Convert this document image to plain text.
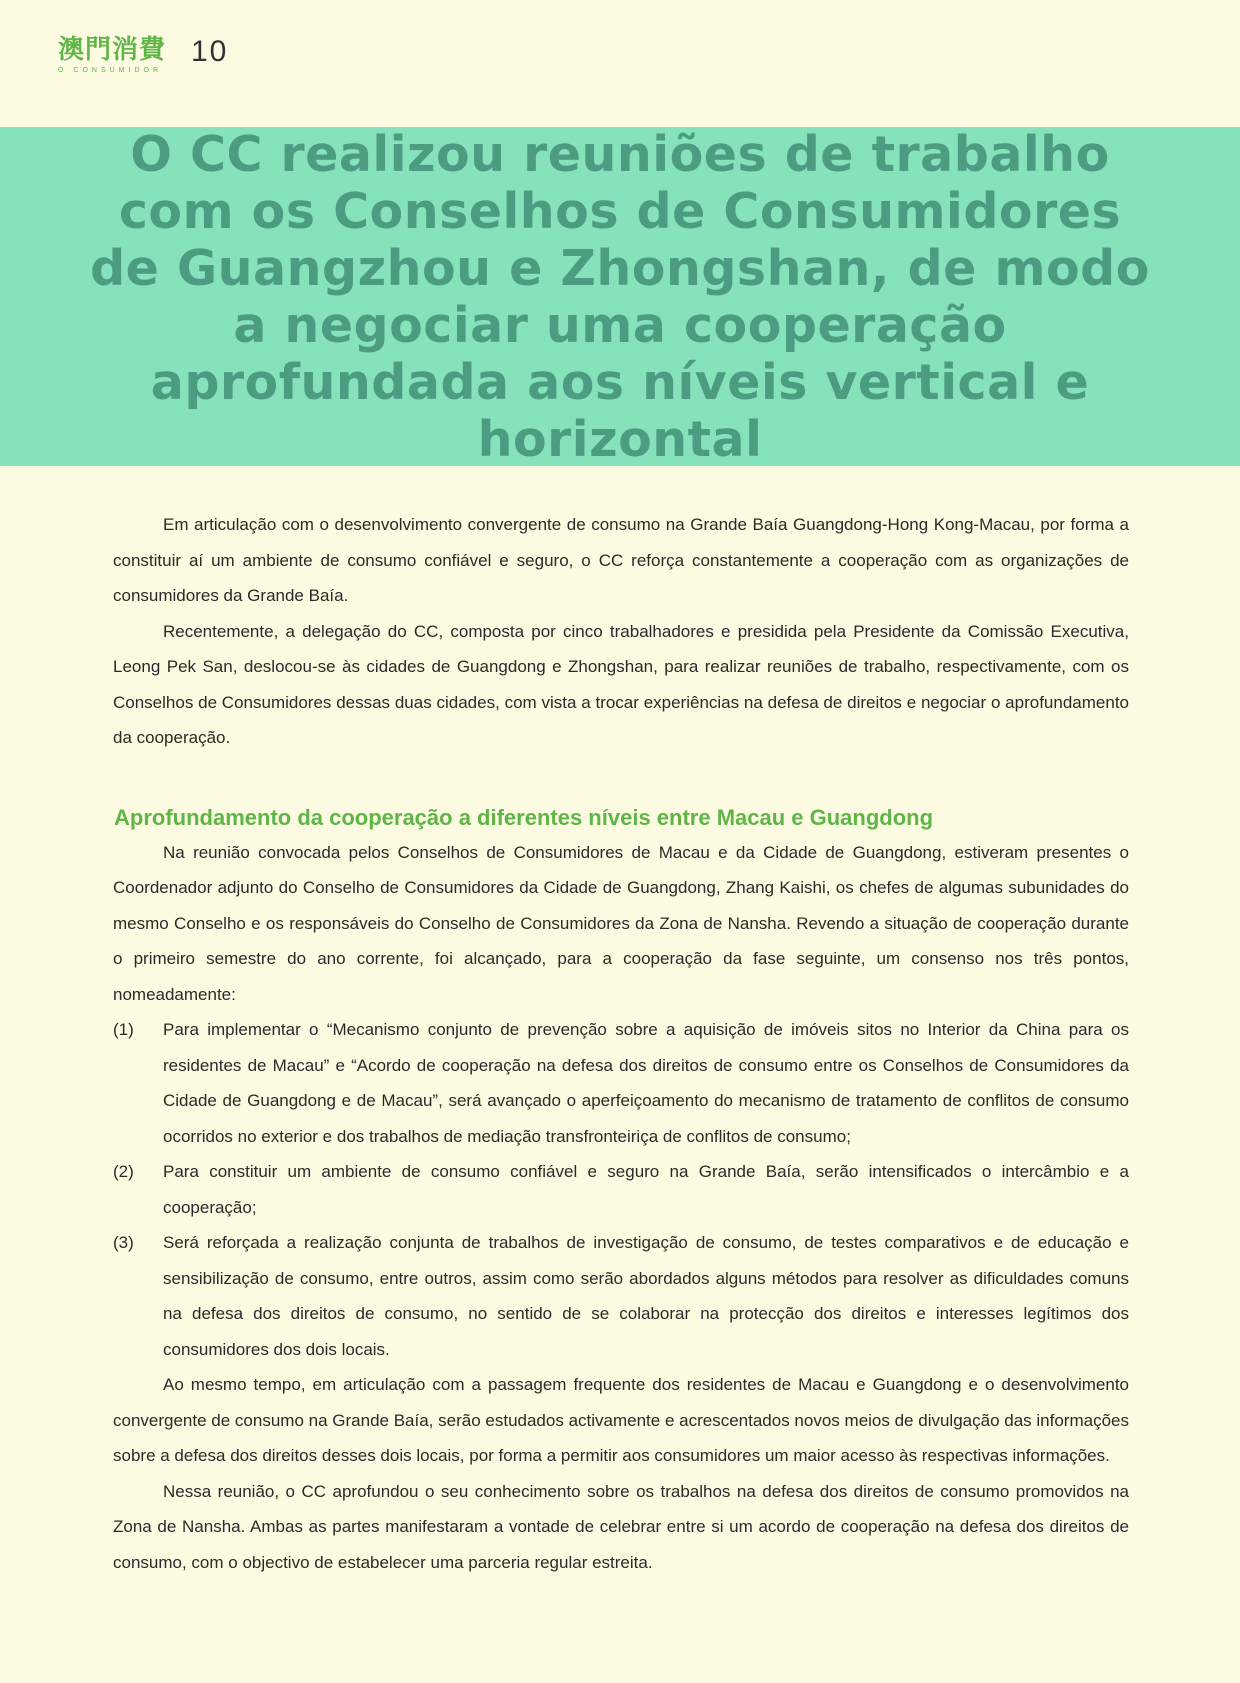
澳門消費
O CONSUMIDOR
10
O CC realizou reuniões de trabalho com os Conselhos de Consumidores de Guangzhou e Zhongshan, de modo a negociar uma cooperação aprofundada aos níveis vertical e horizontal

Em articulação com o desenvolvimento convergente de consumo na Grande Baía Guangdong-Hong Kong-Macau, por forma a constituir aí um ambiente de consumo confiável e seguro, o CC reforça constantemente a cooperação com as organizações de consumidores da Grande Baía.

Recentemente, a delegação do CC, composta por cinco trabalhadores e presidida pela Presidente da Comissão Executiva, Leong Pek San, deslocou-se às cidades de Guangdong e Zhongshan, para realizar reuniões de trabalho, respectivamente, com os Conselhos de Consumidores dessas duas cidades, com vista a trocar experiências na defesa de direitos e negociar o aprofundamento da cooperação.

Aprofundamento da cooperação a diferentes níveis entre Macau e Guangdong

Na reunião convocada pelos Conselhos de Consumidores de Macau e da Cidade de Guangdong, estiveram presentes o Coordenador adjunto do Conselho de Consumidores da Cidade de Guangdong, Zhang Kaishi, os chefes de algumas subunidades do mesmo Conselho e os responsáveis do Conselho de Consumidores da Zona de Nansha. Revendo a situação de cooperação durante o primeiro semestre do ano corrente, foi alcançado, para a cooperação da fase seguinte, um consenso nos três pontos, nomeadamente:

(1) Para implementar o “Mecanismo conjunto de prevenção sobre a aquisição de imóveis sitos no Interior da China para os residentes de Macau” e “Acordo de cooperação na defesa dos direitos de consumo entre os Conselhos de Consumidores da Cidade de Guangdong e de Macau”, será avançado o aperfeiçoamento do mecanismo de tratamento de conflitos de consumo ocorridos no exterior e dos trabalhos de mediação transfronteiriça de conflitos de consumo;
(2) Para constituir um ambiente de consumo confiável e seguro na Grande Baía, serão intensificados o intercâmbio e a cooperação;
(3) Será reforçada a realização conjunta de trabalhos de investigação de consumo, de testes comparativos e de educação e sensibilização de consumo, entre outros, assim como serão abordados alguns métodos para resolver as dificuldades comuns na defesa dos direitos de consumo, no sentido de se colaborar na protecção dos direitos e interesses legítimos dos consumidores dos dois locais.

Ao mesmo tempo, em articulação com a passagem frequente dos residentes de Macau e Guangdong e o desenvolvimento convergente de consumo na Grande Baía, serão estudados activamente e acrescentados novos meios de divulgação das informações sobre a defesa dos direitos desses dois locais, por forma a permitir aos consumidores um maior acesso às respectivas informações.

Nessa reunião, o CC aprofundou o seu conhecimento sobre os trabalhos na defesa dos direitos de consumo promovidos na Zona de Nansha. Ambas as partes manifestaram a vontade de celebrar entre si um acordo de cooperação na defesa dos direitos de consumo, com o objectivo de estabelecer uma parceria regular estreita.
